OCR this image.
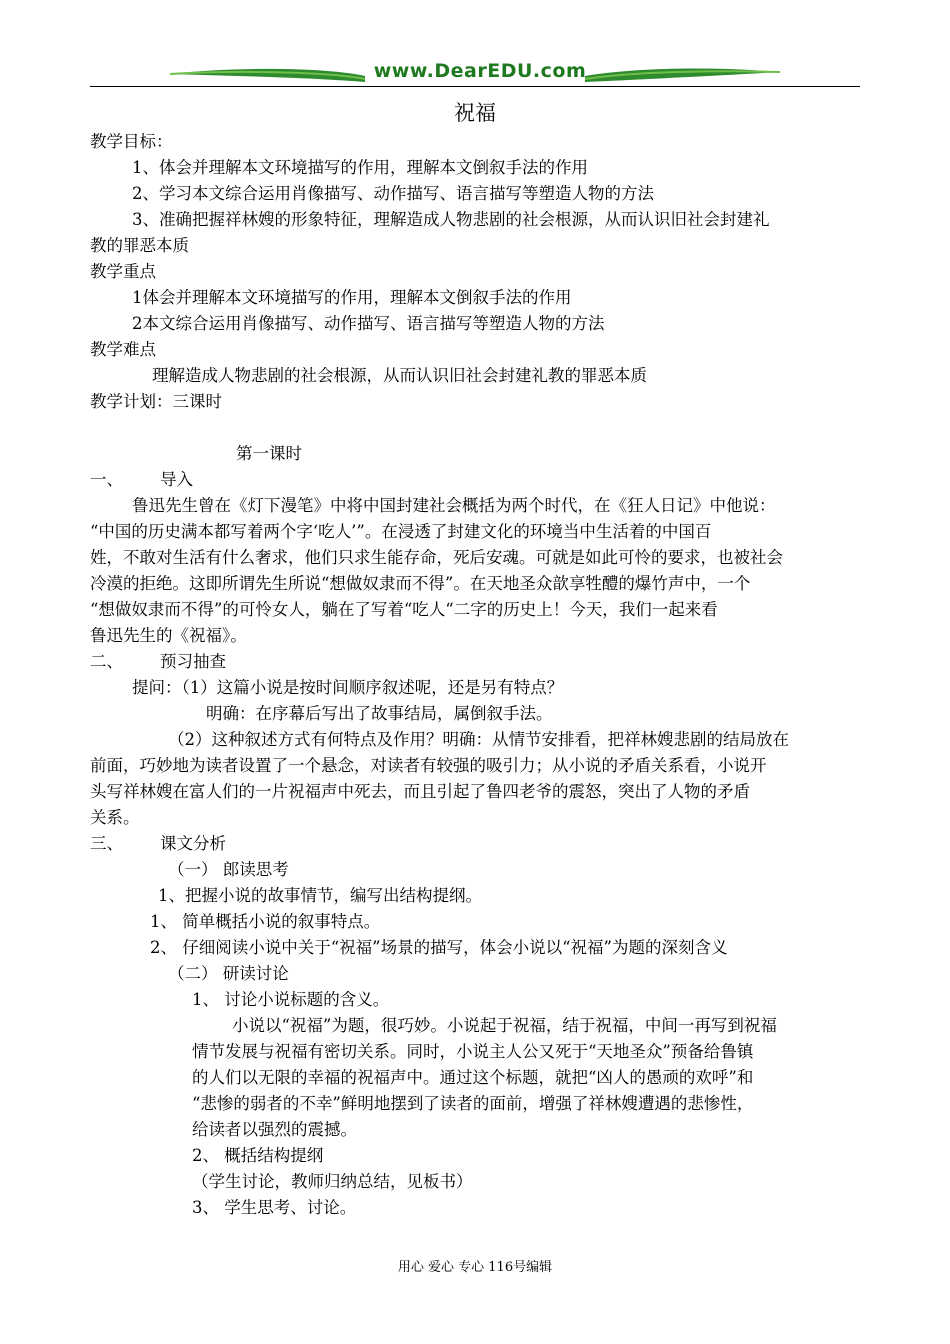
www.DearEDU.com
祝福
教学目标：
1、体会并理解本文环境描写的作用，理解本文倒叙手法的作用
2、学习本文综合运用肖像描写、动作描写、语言描写等塑造人物的方法
3、准确把握祥林嫂的形象特征，理解造成人物悲剧的社会根源，从而认识旧社会封建礼
教的罪恶本质
教学重点
1体会并理解本文环境描写的作用，理解本文倒叙手法的作用
2本文综合运用肖像描写、动作描写、语言描写等塑造人物的方法
教学难点
理解造成人物悲剧的社会根源，从而认识旧社会封建礼教的罪恶本质
教学计划：三课时
第一课时
一、 导入
鲁迅先生曾在《灯下漫笔》中将中国封建社会概括为两个时代，在《狂人日记》中他说：
“中国的历史满本都写着两个字‘吃人’”。在浸透了封建文化的环境当中生活着的中国百
姓，不敢对生活有什么奢求，他们只求生能存命，死后安魂。可就是如此可怜的要求，也被社会
冷漠的拒绝。这即所谓先生所说“想做奴隶而不得”。在天地圣众歆享牲醴的爆竹声中，一个
“想做奴隶而不得”的可怜女人，躺在了写着“吃人“二字的历史上！今天，我们一起来看
鲁迅先生的《祝福》。
二、 预习抽查
提问：（1）这篇小说是按时间顺序叙述呢，还是另有特点？
明确：在序幕后写出了故事结局，属倒叙手法。
（2）这种叙述方式有何特点及作用？明确：从情节安排看，把祥林嫂悲剧的结局放在
前面，巧妙地为读者设置了一个悬念，对读者有较强的吸引力；从小说的矛盾关系看，小说开
头写祥林嫂在富人们的一片祝福声中死去，而且引起了鲁四老爷的震怒，突出了人物的矛盾
关系。
三、 课文分析
（一） 郎读思考
1、把握小说的故事情节，编写出结构提纲。
1、 简单概括小说的叙事特点。
2、 仔细阅读小说中关于“祝福”场景的描写，体会小说以“祝福”为题的深刻含义
（二） 研读讨论
1、 讨论小说标题的含义。
小说以“祝福”为题，很巧妙。小说起于祝福，结于祝福，中间一再写到祝福
情节发展与祝福有密切关系。同时，小说主人公又死于“天地圣众”预备给鲁镇
的人们以无限的幸福的祝福声中。通过这个标题，就把“凶人的愚顽的欢呼”和
“悲惨的弱者的不幸”鲜明地摆到了读者的面前，增强了祥林嫂遭遇的悲惨性，
给读者以强烈的震撼。
2、 概括结构提纲
（学生讨论，教师归纳总结，见板书）
3、 学生思考、讨论。
用心 爱心 专心 116号编辑
